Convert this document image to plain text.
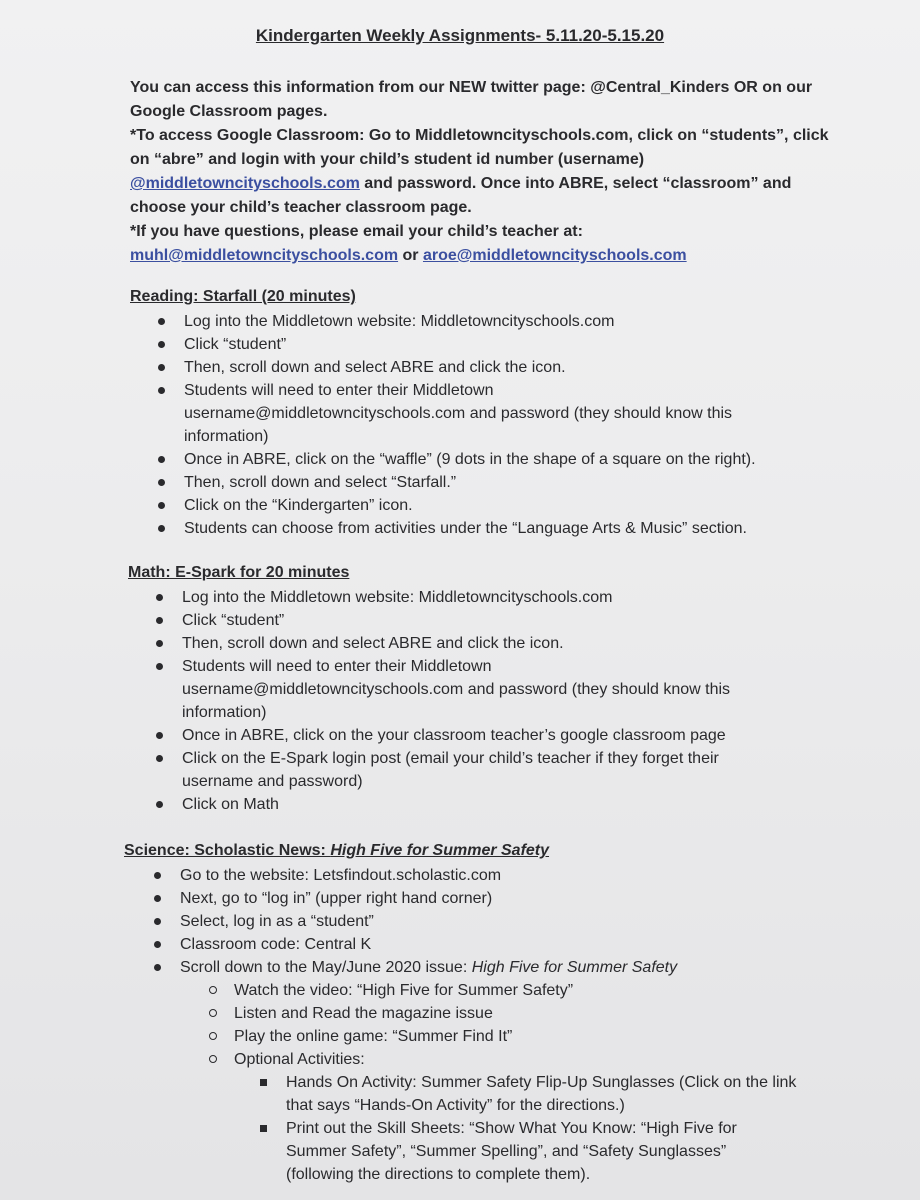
Kindergarten Weekly Assignments- 5.11.20-5.15.20

You can access this information from our NEW twitter page: @Central_Kinders OR on our Google Classroom pages.

*To access Google Classroom: Go to Middletowncityschools.com, click on “students”, click on “abre” and login with your child’s student id number (username) @middletowncityschools.com and password. Once into ABRE, select “classroom” and choose your child’s teacher classroom page.

*If you have questions, please email your child’s teacher at:

muhl@middletowncityschools.com or aroe@middletowncityschools.com

Reading: Starfall (20 minutes)
Log into the Middletown website: Middletowncityschools.com
Click “student”
Then, scroll down and select ABRE and click the icon.
Students will need to enter their Middletown username@middletowncityschools.com and password (they should know this information)
Once in ABRE, click on the “waffle” (9 dots in the shape of a square on the right).
Then, scroll down and select “Starfall.”
Click on the “Kindergarten” icon.
Students can choose from activities under the “Language Arts & Music” section.
Math: E-Spark for 20 minutes
Log into the Middletown website: Middletowncityschools.com
Click “student”
Then, scroll down and select ABRE and click the icon.
Students will need to enter their Middletown username@middletowncityschools.com and password (they should know this information)
Once in ABRE, click on the your classroom teacher’s google classroom page
Click on the E-Spark login post (email your child’s teacher if they forget their username and password)
Click on Math
Science: Scholastic News: High Five for Summer Safety
Go to the website: Letsfindout.scholastic.com
Next, go to “log in” (upper right hand corner)
Select, log in as a “student”
Classroom code: Central K
Scroll down to the May/June 2020 issue: High Five for Summer Safety
Watch the video: “High Five for Summer Safety”
Listen and Read the magazine issue
Play the online game: “Summer Find It”
Optional Activities:
Hands On Activity: Summer Safety Flip-Up Sunglasses (Click on the link that says “Hands-On Activity” for the directions.)
Print out the Skill Sheets: “Show What You Know: “High Five for Summer Safety”, “Summer Spelling”, and “Safety Sunglasses” (following the directions to complete them).
